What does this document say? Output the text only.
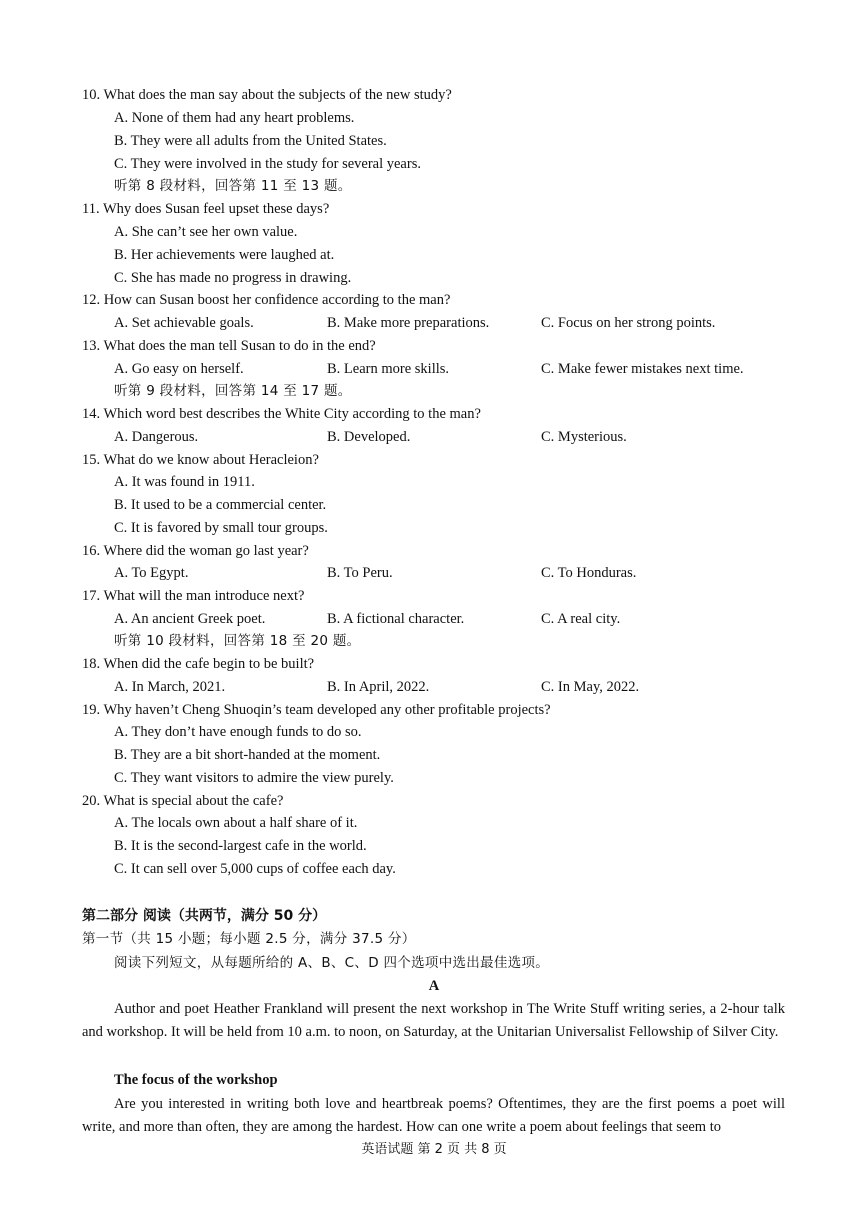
10. What does the man say about the subjects of the new study?
A. None of them had any heart problems.
B. They were all adults from the United States.
C. They were involved in the study for several years.
听第 8 段材料，回答第 11 至 13 题。
11. Why does Susan feel upset these days?
A. She can’t see her own value.
B. Her achievements were laughed at.
C. She has made no progress in drawing.
12. How can Susan boost her confidence according to the man?
A. Set achievable goals.	B. Make more preparations.	C. Focus on her strong points.
13. What does the man tell Susan to do in the end?
A. Go easy on herself.	B. Learn more skills.	C. Make fewer mistakes next time.
听第 9 段材料，回答第 14 至 17 题。
14. Which word best describes the White City according to the man?
A. Dangerous.	B. Developed.	C. Mysterious.
15. What do we know about Heracleion?
A. It was found in 1911.
B. It used to be a commercial center.
C. It is favored by small tour groups.
16. Where did the woman go last year?
A. To Egypt.	B. To Peru.	C. To Honduras.
17. What will the man introduce next?
A. An ancient Greek poet.	B. A fictional character.	C. A real city.
听第 10 段材料，回答第 18 至 20 题。
18. When did the cafe begin to be built?
A. In March, 2021.	B. In April, 2022.	C. In May, 2022.
19. Why haven’t Cheng Shuoqin’s team developed any other profitable projects?
A. They don’t have enough funds to do so.
B. They are a bit short-handed at the moment.
C. They want visitors to admire the view purely.
20. What is special about the cafe?
A. The locals own about a half share of it.
B. It is the second-largest cafe in the world.
C. It can sell over 5,000 cups of coffee each day.
第二部分 阅读（共两节，满分 50 分）
第一节（共 15 小题；每小题 2.5 分，满分 37.5 分）
阅读下列短文，从每题所给的 A、B、C、D 四个选项中选出最佳选项。
A
Author and poet Heather Frankland will present the next workshop in The Write Stuff writing series, a 2-hour talk and workshop. It will be held from 10 a.m. to noon, on Saturday, at the Unitarian Universalist Fellowship of Silver City.
The focus of the workshop
Are you interested in writing both love and heartbreak poems? Oftentimes, they are the first poems a poet will write, and more than often, they are among the hardest. How can one write a poem about feelings that seem to
英语试题 第 2 页 共 8 页
